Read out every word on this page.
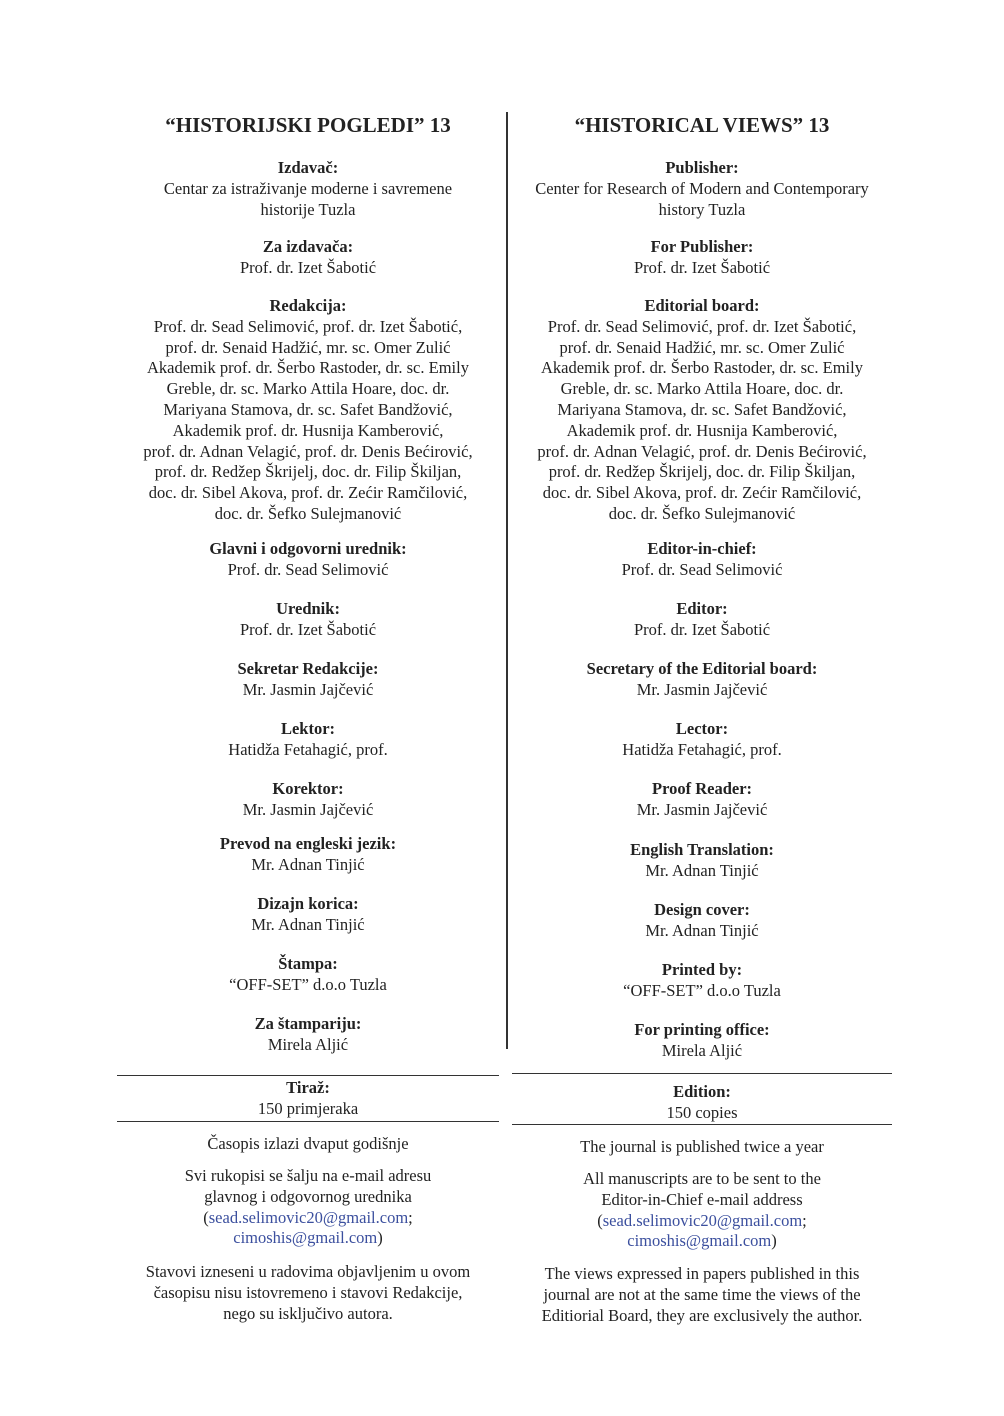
“HISTORIJSKI POGLEDI” 13
Izdavač:
Centar za istraživanje moderne i savremene
historije Tuzla
Za izdavača:
Prof. dr. Izet Šabotić
Redakcija:
Prof. dr. Sead Selimović, prof. dr. Izet Šabotić,
prof. dr. Senaid Hadžić, mr. sc. Omer Zulić
Akademik prof. dr. Šerbo Rastoder, dr. sc. Emily
Greble, dr. sc. Marko Attila Hoare, doc. dr.
Mariyana Stamova, dr. sc. Safet Bandžović,
Akademik prof. dr. Husnija Kamberović,
prof. dr. Adnan Velagić, prof. dr. Denis Bećirović,
prof. dr. Redžep Škrijelj, doc. dr. Filip Škiljan,
doc. dr. Sibel Akova, prof. dr. Zećir Ramčilović,
doc. dr. Šefko Sulejmanović
Glavni i odgovorni urednik:
Prof. dr. Sead Selimović
Urednik:
Prof. dr. Izet Šabotić
Sekretar Redakcije:
Mr. Jasmin Jajčević
Lektor:
Hatidža Fetahagić, prof.
Korektor:
Mr. Jasmin Jajčević
Prevod na engleski jezik:
Mr. Adnan Tinjić
Dizajn korica:
Mr. Adnan Tinjić
Štampa:
“OFF-SET” d.o.o Tuzla
Za štampariju:
Mirela Aljić
Tiraž:
150 primjeraka
Časopis izlazi dvaput godišnje
Svi rukopisi se šalju na e-mail adresu
glavnog i odgovornog urednika
(sead.selimovic20@gmail.com;
cimoshis@gmail.com)
Stavovi izneseni u radovima objavljenim u ovom
časopisu nisu istovremeno i stavovi Redakcije,
nego su isključivo autora.
“HISTORICAL VIEWS” 13
Publisher:
Center for Research of Modern and Contemporary
history Tuzla
For Publisher:
Prof. dr. Izet Šabotić
Editorial board:
Prof. dr. Sead Selimović, prof. dr. Izet Šabotić,
prof. dr. Senaid Hadžić, mr. sc. Omer Zulić
Akademik prof. dr. Šerbo Rastoder, dr. sc. Emily
Greble, dr. sc. Marko Attila Hoare, doc. dr.
Mariyana Stamova, dr. sc. Safet Bandžović,
Akademik prof. dr. Husnija Kamberović,
prof. dr. Adnan Velagić, prof. dr. Denis Bećirović,
prof. dr. Redžep Škrijelj, doc. dr. Filip Škiljan,
doc. dr. Sibel Akova, prof. dr. Zećir Ramčilović,
doc. dr. Šefko Sulejmanović
Editor-in-chief:
Prof. dr. Sead Selimović
Editor:
Prof. dr. Izet Šabotić
Secretary of the Editorial board:
Mr. Jasmin Jajčević
Lector:
Hatidža Fetahagić, prof.
Proof Reader:
Mr. Jasmin Jajčević
English Translation:
Mr. Adnan Tinjić
Design cover:
Mr. Adnan Tinjić
Printed by:
“OFF-SET” d.o.o Tuzla
For printing office:
Mirela Aljić
Edition:
150 copies
The journal is published twice a year
All manuscripts are to be sent to the
Editor-in-Chief e-mail address
(sead.selimovic20@gmail.com;
cimoshis@gmail.com)
The views expressed in papers published in this
journal are not at the same time the views of the
Editiorial Board, they are exclusively the author.
